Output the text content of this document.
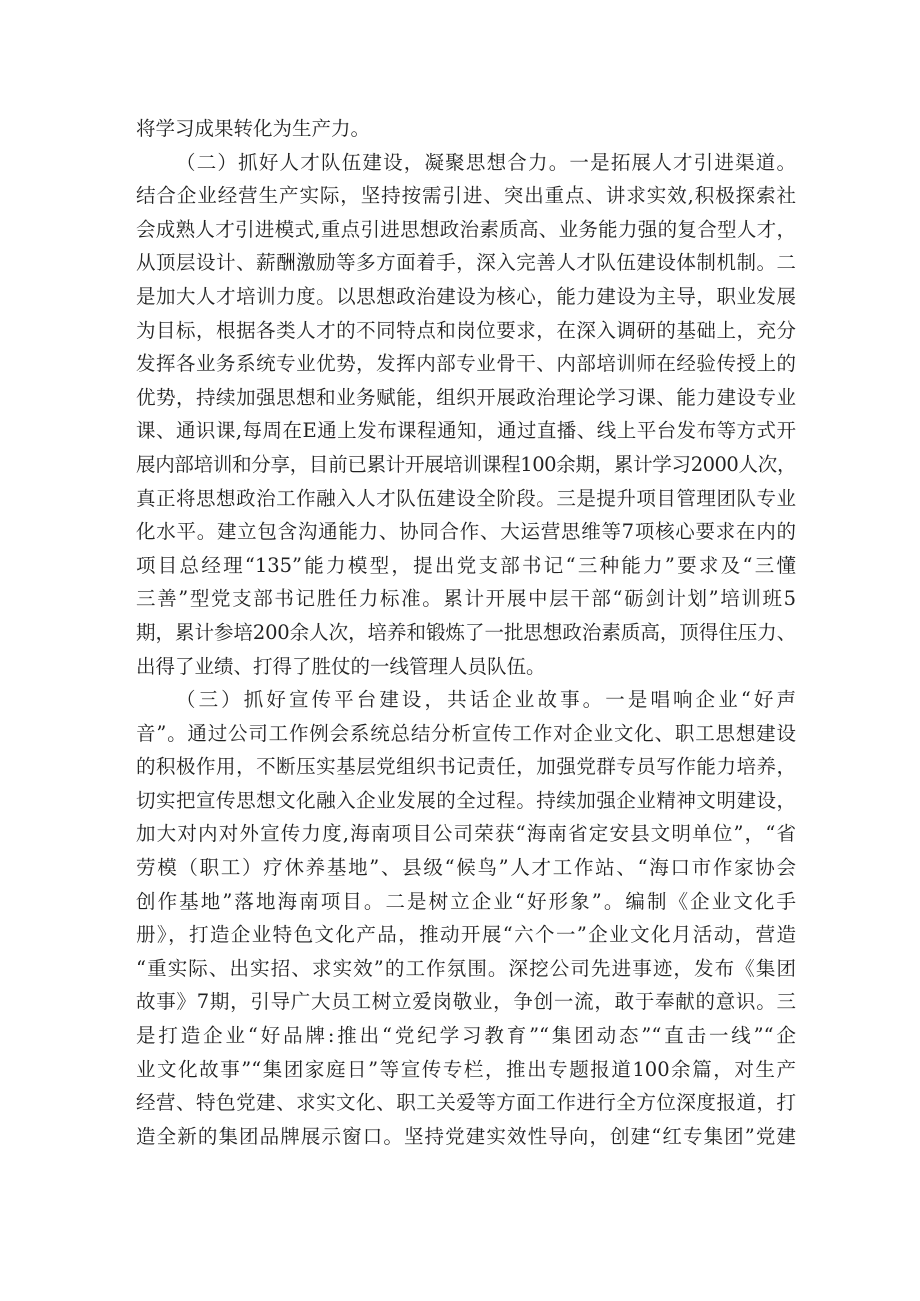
将学习成果转化为生产力。
（二）抓好人才队伍建设，凝聚思想合力。一是拓展人才引进渠道。
结合企业经营生产实际，坚持按需引进、突出重点、讲求实效,积极探索社
会成熟人才引进模式,重点引进思想政治素质高、业务能力强的复合型人才，
从顶层设计、薪酬激励等多方面着手，深入完善人才队伍建设体制机制。二
是加大人才培训力度。以思想政治建设为核心，能力建设为主导，职业发展
为目标，根据各类人才的不同特点和岗位要求，在深入调研的基础上，充分
发挥各业务系统专业优势，发挥内部专业骨干、内部培训师在经验传授上的
优势，持续加强思想和业务赋能，组织开展政治理论学习课、能力建设专业
课、通识课,每周在E通上发布课程通知，通过直播、线上平台发布等方式开
展内部培训和分享，目前已累计开展培训课程100余期，累计学习2000人次，
真正将思想政治工作融入人才队伍建设全阶段。三是提升项目管理团队专业
化水平。建立包含沟通能力、协同合作、大运营思维等7项核心要求在内的
项目总经理“135”能力模型，提出党支部书记“三种能力”要求及“三懂
三善”型党支部书记胜任力标准。累计开展中层干部“砺剑计划”培训班5
期，累计参培200余人次，培养和锻炼了一批思想政治素质高，顶得住压力、
出得了业绩、打得了胜仗的一线管理人员队伍。
（三）抓好宣传平台建设，共话企业故事。一是唱响企业“好声
音”。通过公司工作例会系统总结分析宣传工作对企业文化、职工思想建设
的积极作用，不断压实基层党组织书记责任，加强党群专员写作能力培养，
切实把宣传思想文化融入企业发展的全过程。持续加强企业精神文明建设，
加大对内对外宣传力度,海南项目公司荣获“海南省定安县文明单位”，“省
劳模（职工）疗休养基地”、县级“候鸟”人才工作站、“海口市作家协会
创作基地”落地海南项目。二是树立企业“好形象”。编制《企业文化手
册》，打造企业特色文化产品，推动开展“六个一”企业文化月活动，营造
“重实际、出实招、求实效”的工作氛围。深挖公司先进事迹，发布《集团
故事》7期，引导广大员工树立爱岗敬业，争创一流，敢于奉献的意识。三
是打造企业“好品牌:推出“党纪学习教育”“集团动态”“直击一线”“企
业文化故事”“集团家庭日”等宣传专栏，推出专题报道100余篇，对生产
经营、特色党建、求实文化、职工关爱等方面工作进行全方位深度报道，打
造全新的集团品牌展示窗口。坚持党建实效性导向，创建“红专集团”党建
